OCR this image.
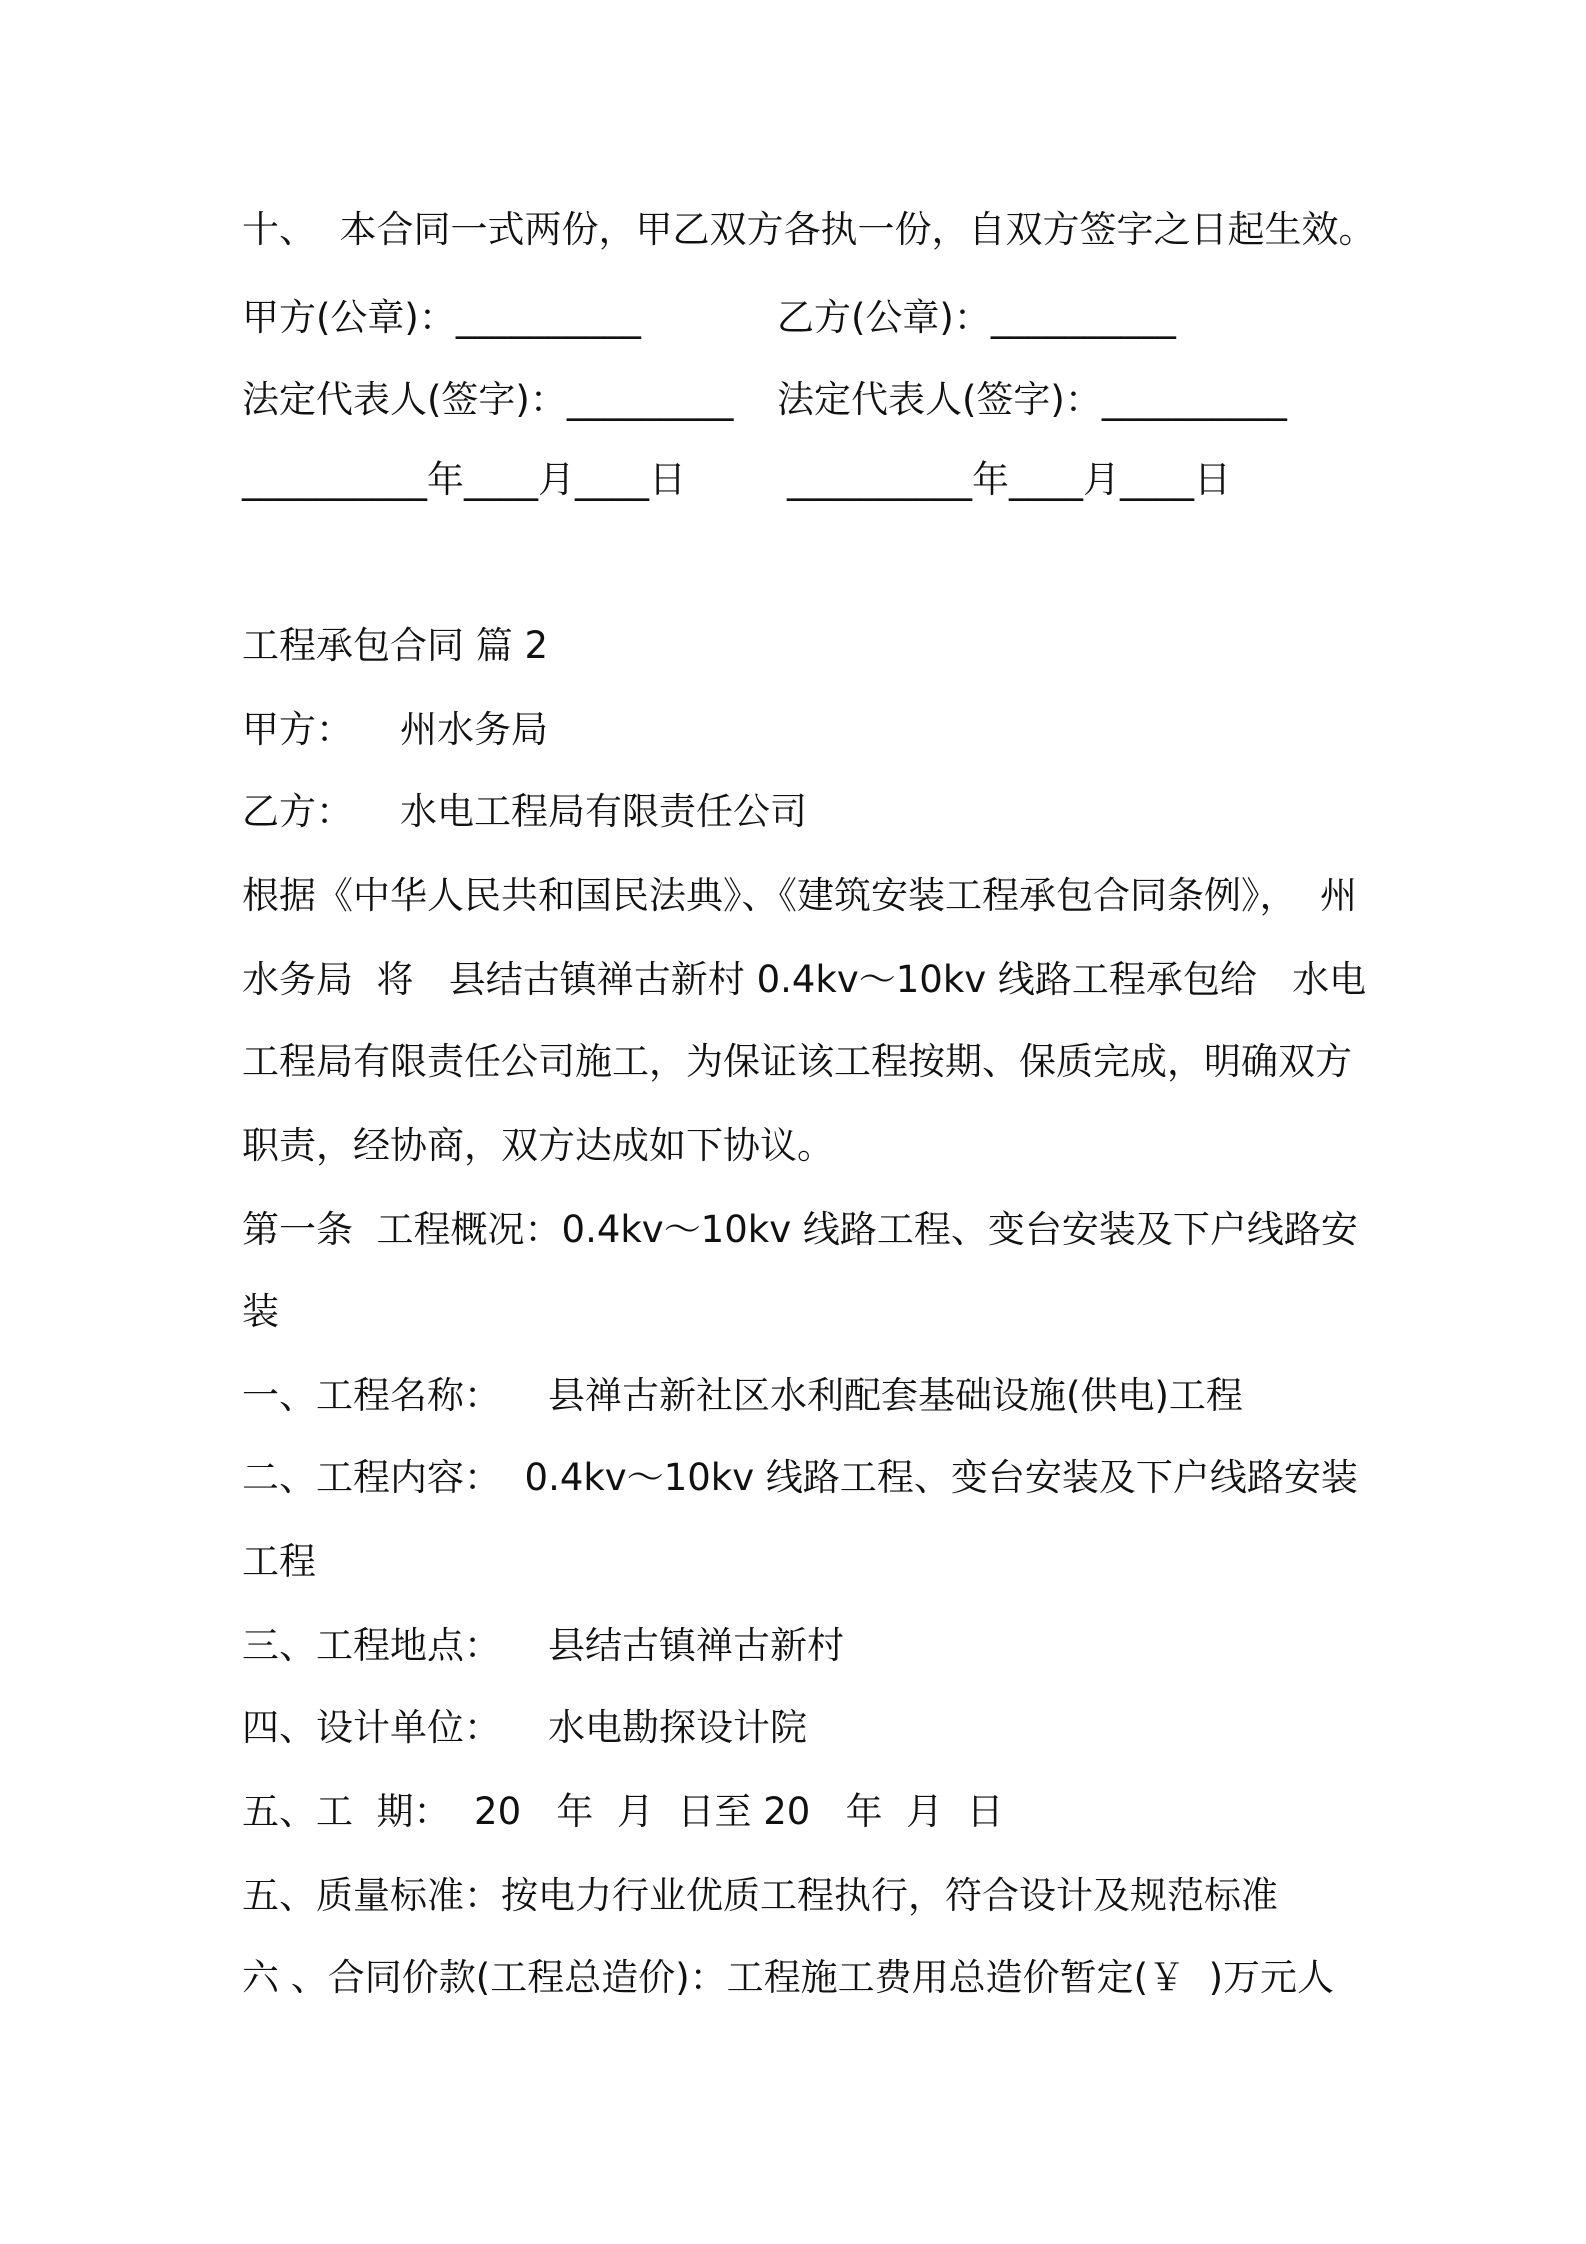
十、  本合同一式两份，甲乙双方各执一份，自双方签字之日起生效。
甲方(公章)：__________	乙方(公章)：__________
法定代表人(签字)：_________ 法定代表人(签字)：__________
__________年____月____日	__________年____月____日
工程承包合同 篇 2
甲方：    州水务局
乙方：    水电工程局有限责任公司
根据《中华人民共和国民法典》、《建筑安装工程承包合同条例》，  州
水务局  将   县结古镇禅古新村 0.4kv～10kv 线路工程承包给   水电
工程局有限责任公司施工，为保证该工程按期、保质完成，明确双方
职责，经协商，双方达成如下协议。
第一条  工程概况：0.4kv～10kv 线路工程、变台安装及下户线路安
装
一、工程名称：    县禅古新社区水利配套基础设施(供电)工程
二、工程内容：  0.4kv～10kv 线路工程、变台安装及下户线路安装
工程
三、工程地点：    县结古镇禅古新村
四、设计单位：    水电勘探设计院
五、工  期：  20   年  月  日至 20   年  月  日
五、质量标准：按电力行业优质工程执行，符合设计及规范标准
六 、合同价款(工程总造价)：工程施工费用总造价暂定(￥  )万元人
